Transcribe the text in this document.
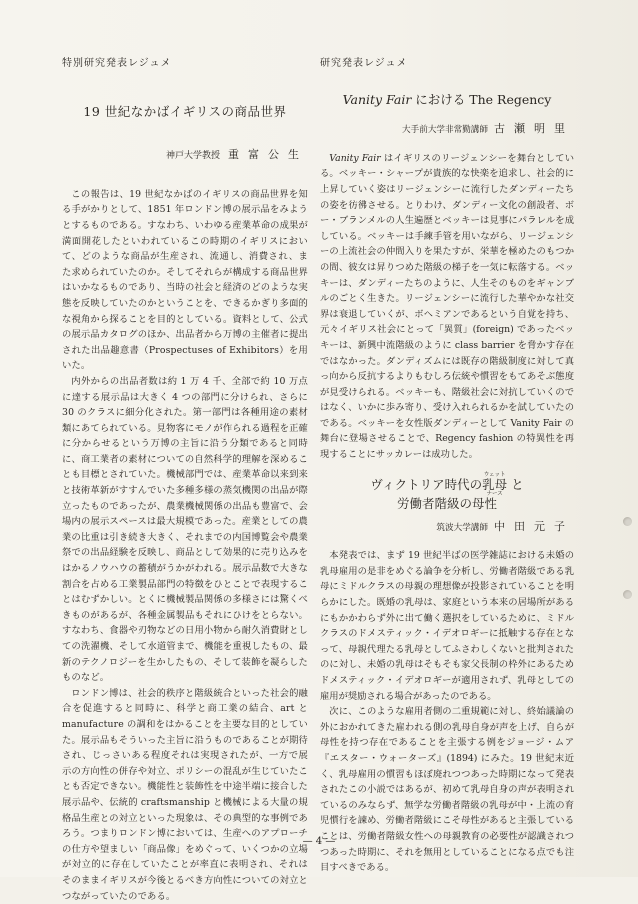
特別研究発表レジュメ
19 世紀なかばイギリスの商品世界
神戸大学教授 重富公生

この報告は、19 世紀なかばのイギリスの商品世界を知る手がかりとして、1851 年ロンドン博の展示品をみようとするものである。すなわち、いわゆる産業革命の成果が満面開花したといわれているこの時期のイギリスにおいて、どのような商品が生産され、流通し、消費され、また求められていたのか。そしてそれらが構成する商品世界はいかなるものであり、当時の社会と経済のどのような実態を反映していたのかということを、できるかぎり多面的な視角から探ることを目的としている。資料として、公式の展示品カタログのほか、出品者から万博の主催者に提出された出品趣意書（Prospectuses of Exhibitors）を用いた。

内外からの出品者数は約 1 万 4 千、全部で約 10 万点に達する展示品は大きく 4 つの部門に分けられ、さらに 30 のクラスに細分化された。第一部門は各種用途の素材類にあてられている。見物客にモノが作られる過程を正確に分からせるという万博の主旨に沿う分類であると同時に、商工業者の素材についての自然科学的理解を深めることも目標とされていた。機械部門では、産業革命以来到来と技術革新がすすんでいた多種多様の蒸気機関の出品が際立ったものであったが、農業機械関係の出品も豊富で、会場内の展示スペースは最大規模であった。産業としての農業の比重は引き続き大きく、それまでの内国博覧会や農業祭での出品経験を反映し、商品として効果的に売り込みをはかるノウハウの蓄積がうかがわれる。展示品数で大きな割合を占める工業製品部門の特徴をひとことで表現することはむずかしい。とくに機械製品関係の多様さには驚くべきものがあるが、各種金属製品もそれにひけをとらない。すなわち、食器や刃物などの日用小物から耐久消費財としての洗濯機、そして水道管まで、機能を重視したもの、最新のテクノロジーを生かしたもの、そして装飾を凝らしたものなど。

ロンドン博は、社会的秩序と階級統合といった社会的融合を促進すると同時に、科学と商工業の結合、art と manufacture の調和をはかることを主要な目的としていた。展示品もそういった主旨に沿うものであることが期待され、じっさいある程度それは実現されたが、一方で展示の方向性の併存や対立、ポリシーの混乱が生じていたことも否定できない。機能性と装飾性を中途半端に接合した展示品や、伝統的 craftsmanship と機械による大量の規格品生産との対立といった現象は、その典型的な事例であろう。つまりロンドン博においては、生産へのアプローチの仕方や望ましい「商品像」をめぐって、いくつかの立場が対立的に存在していたことが率直に表明され、それはそのままイギリスが今後とるべき方向性についての対立とつながっていたのである。

研究発表レジュメ
Vanity Fair における The Regency
大手前大学非常勤講師 古瀬明里

Vanity Fair はイギリスのリージェンシーを舞台としている。ベッキー・シャープが貴族的な快楽を追求し、社会的に上昇していく姿はリージェンシーに流行したダンディーたちの姿を彷彿させる。とりわけ、ダンディー文化の創設者、ボー・ブランメルの人生遍歴とベッキーは見事にパラレルを成している。ベッキーは手練手管を用いながら、リージェンシーの上流社会の仲間入りを果たすが、栄華を極めたのもつかの間、彼女は昇りつめた階級の梯子を一気に転落する。ベッキーは、ダンディーたちのように、人生そのものをギャンブルのごとく生きた。リージェンシーに流行した華やかな社交界は衰退していくが、ボヘミアンであるという自覚を持ち、元々イギリス社会にとって「異質」(foreign) であったベッキーは、新興中流階級のように class barrier を脅かす存在ではなかった。ダンディズムには既存の階級制度に対して真っ向から反抗するよりもむしろ伝統や慣習をもてあそぶ態度が見受けられる。ベッキーも、階級社会に対抗していくのではなく、いかに歩み寄り、受け入れられるかを試していたのである。ベッキーを女性版ダンディーとして Vanity Fair の舞台に登場させることで、Regency fashion の特異性を再現することにサッカレーは成功した。

ヴィクトリア時代の
ウェットナース
乳母 と
労働者階級の母性
筑波大学講師 中田元子

本発表では、まず 19 世紀半ばの医学雑誌における未婚の乳母雇用の是非をめぐる論争を分析し、労働者階級である乳母にミドルクラスの母親の理想像が投影されていることを明らかにした。既婚の乳母は、家庭という本来の居場所があるにもかかわらず外に出て働く選択をしているために、ミドルクラスのドメスティック・イデオロギーに抵触する存在となって、母親代理たる乳母としてふさわしくないと批判されたのに対し、未婚の乳母はそもそも家父長制の枠外にあるためドメスティック・イデオロギーが適用されず、乳母としての雇用が奨励される場合があったのである。

次に、このような雇用者側の二重規範に対し、終始議論の外におかれてきた雇われる側の乳母自身が声を上げ、自らが母性を持つ存在であることを主張する例をジョージ・ムア『エスター・ウォーターズ』(1894) にみた。19 世紀末近く、乳母雇用の慣習もほぼ廃れつつあった時期になって発表されたこの小説ではあるが、初めて乳母自身の声が表明されているのみならず、無学な労働者階級の乳母が中・上流の育児慣行を諫め、労働者階級にこそ母性があると主張していることは、労働者階級女性への母親教育の必要性が認識されつつあった時期に、それを無用としていることになる点でも注目すべきである。

— 4 —
